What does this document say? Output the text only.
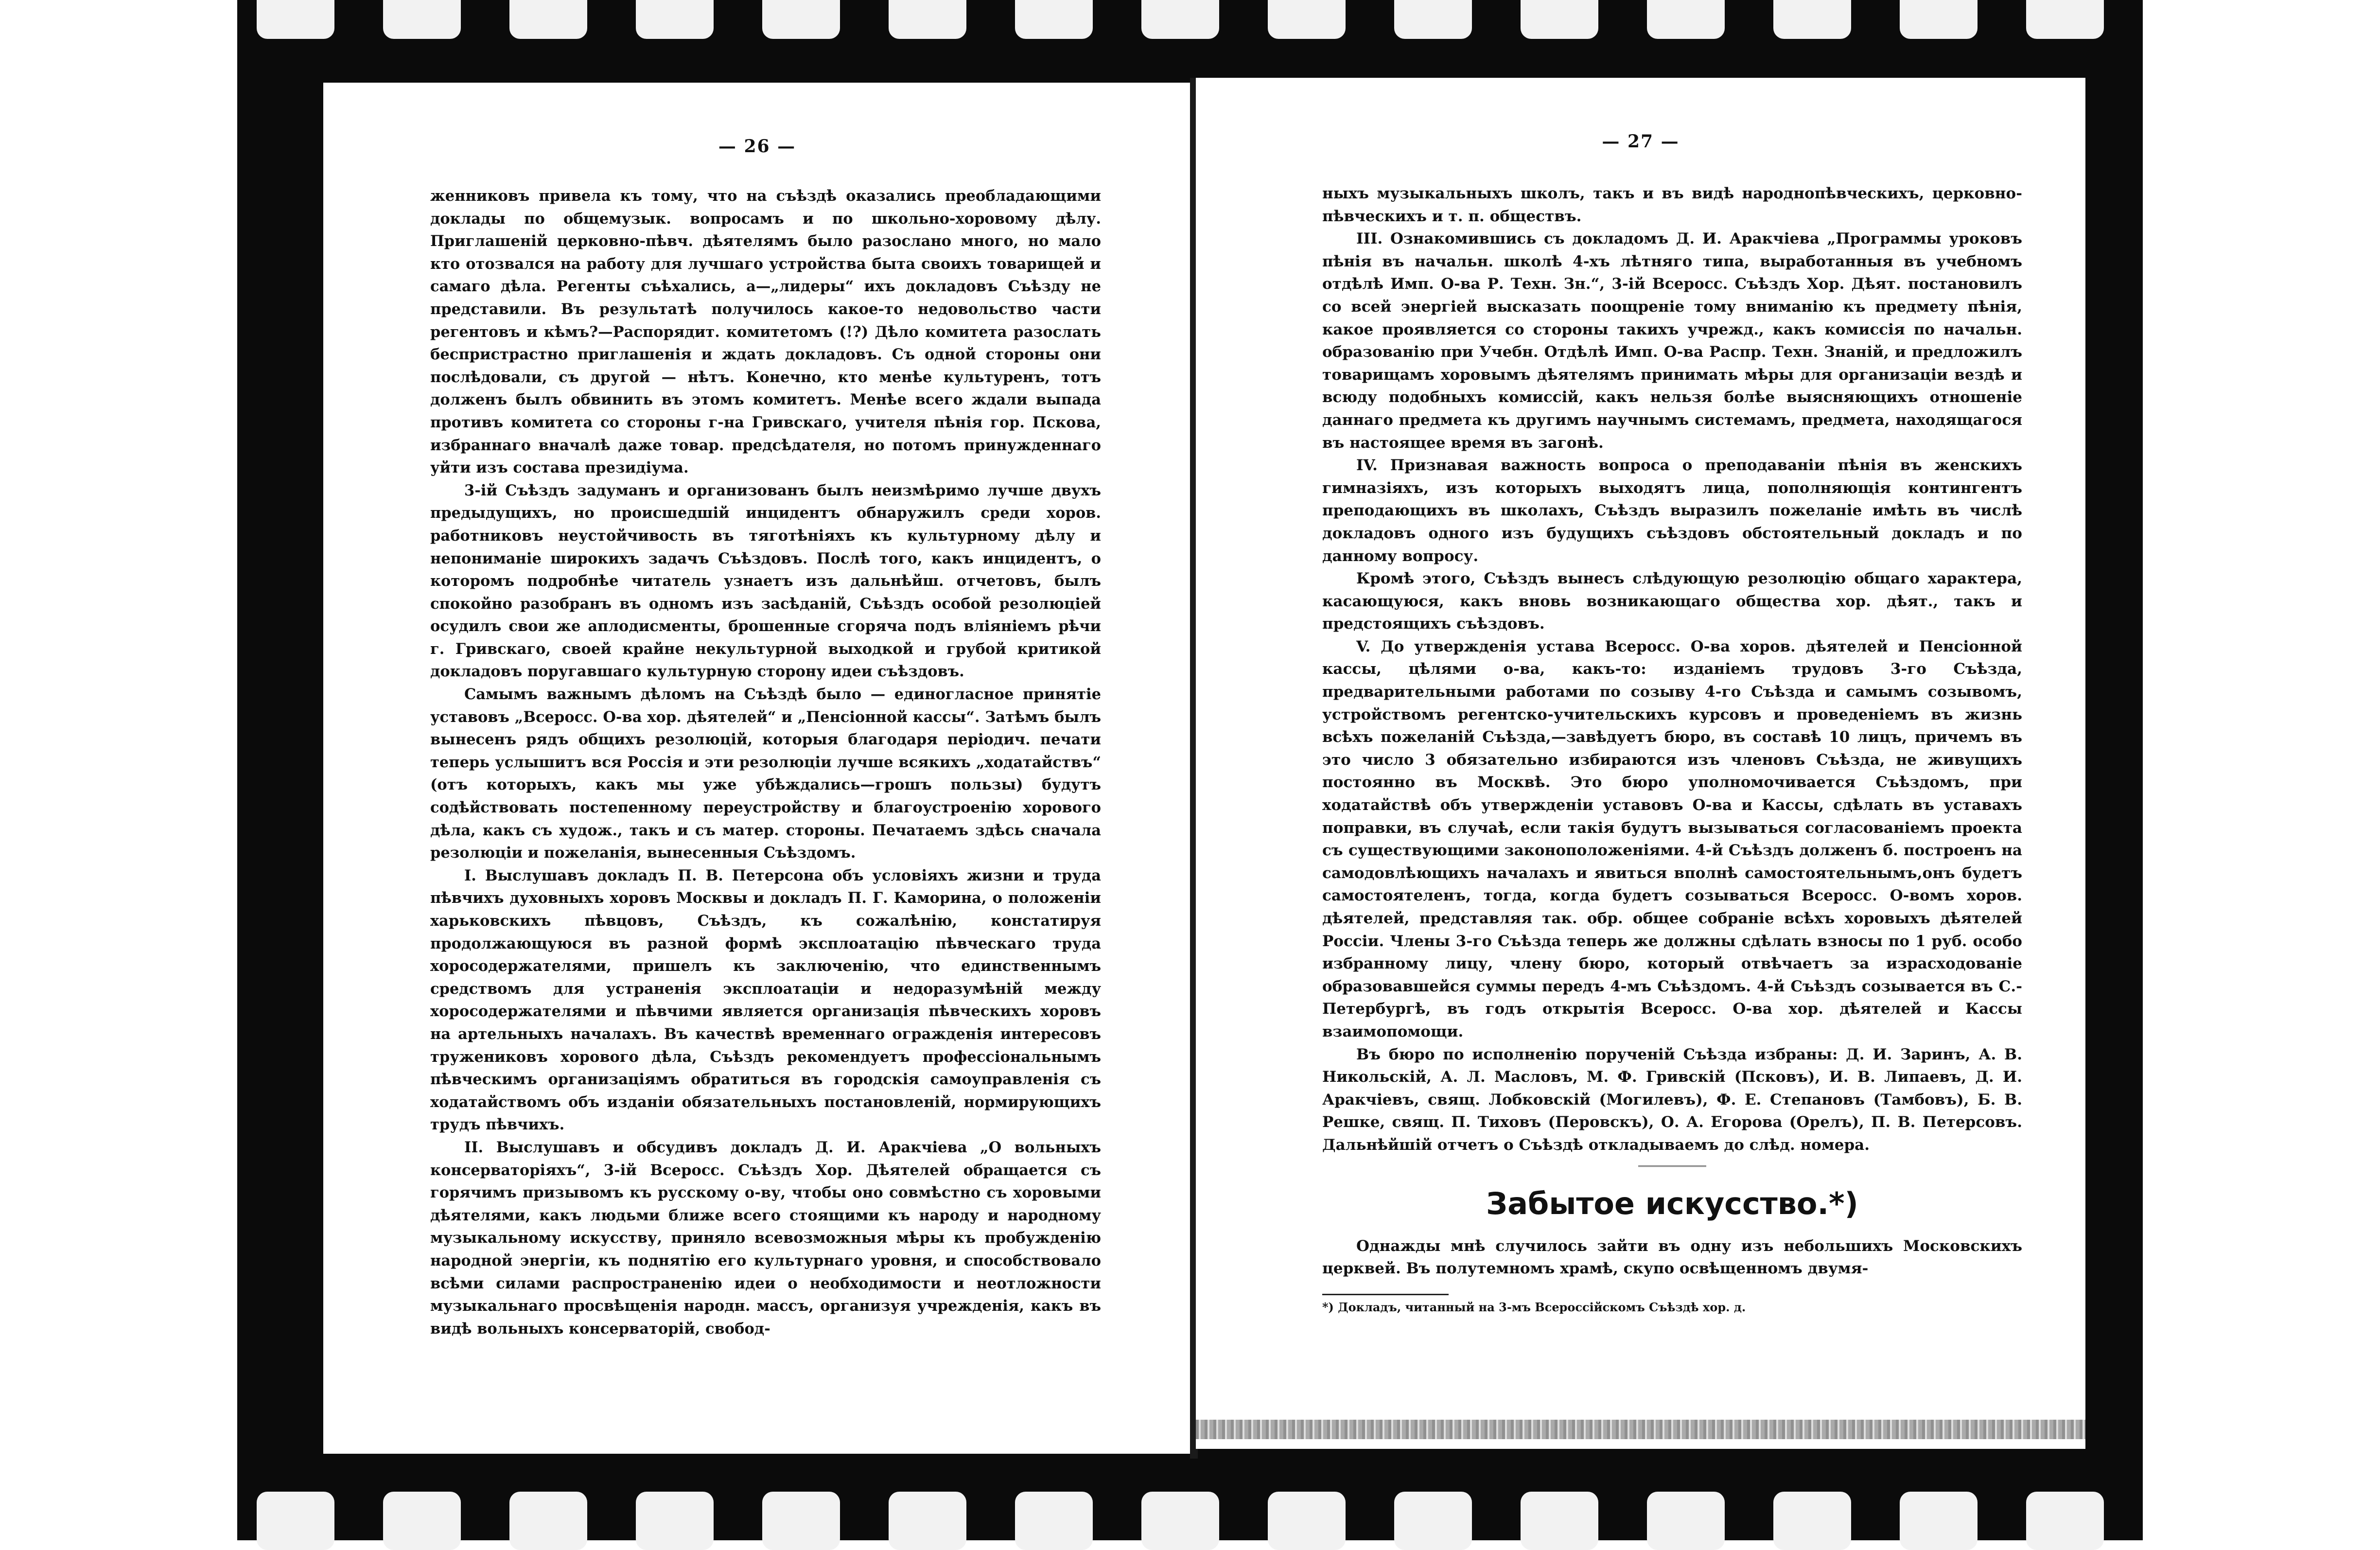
— 26 —

женниковъ привела къ тому, что на съѣздѣ оказались преобладающими доклады по общемузык. вопросамъ и по школьно-хоровому дѣлу. Приглашеній церковно-пѣвч. дѣятелямъ было разослано много, но мало кто отозвался на работу для лучшаго устройства быта своихъ товарищей и самаго дѣла. Регенты съѣхались, а—„лидеры“ ихъ докладовъ Съѣзду не представили. Въ результатѣ получилось какое-то недовольство части регентовъ и кѣмъ?—Распорядит. комитетомъ (!?) Дѣло комитета разослать беспристрастно приглашенія и ждать докладовъ. Съ одной стороны они послѣдовали, съ другой — нѣтъ. Конечно, кто менѣе культуренъ, тотъ долженъ былъ обвинить въ этомъ комитетъ. Менѣе всего ждали выпада противъ комитета со стороны г-на Гривскаго, учителя пѣнія гор. Пскова, избраннаго вначалѣ даже товар. предсѣдателя, но потомъ принужденнаго уйти изъ состава президіума.

3-ій Съѣздъ задуманъ и организованъ былъ неизмѣримо лучше двухъ предыдущихъ, но происшедшій инцидентъ обнаружилъ среди хоров. работниковъ неустойчивость въ тяготѣніяхъ къ культурному дѣлу и непониманіе широкихъ задачъ Съѣздовъ. Послѣ того, какъ инцидентъ, о которомъ подробнѣе читатель узнаетъ изъ дальнѣйш. отчетовъ, былъ спокойно разобранъ въ одномъ изъ засѣданій, Съѣздъ особой резолюціей осудилъ свои же аплодисменты, брошенные сгоряча подъ вліяніемъ рѣчи г. Гривскаго, своей крайне некультурной выходкой и грубой критикой докладовъ поругавшаго культурную сторону идеи съѣздовъ.

Самымъ важнымъ дѣломъ на Съѣздѣ было — единогласное принятіе уставовъ „Всеросс. О-ва хор. дѣятелей“ и „Пенсіонной кассы“. Затѣмъ былъ вынесенъ рядъ общихъ резолюцій, которыя благодаря періодич. печати теперь услышитъ вся Россія и эти резолюціи лучше всякихъ „ходатайствъ“ (отъ которыхъ, какъ мы уже убѣждались—грошъ пользы) будутъ содѣйствовать постепенному переустройству и благоустроенію хорового дѣла, какъ съ худож., такъ и съ матер. стороны. Печатаемъ здѣсь сначала резолюціи и пожеланія, вынесенныя Съѣздомъ.

I. Выслушавъ докладъ П. В. Петерсона объ условіяхъ жизни и труда пѣвчихъ духовныхъ хоровъ Москвы и докладъ П. Г. Каморина, о положеніи харьковскихъ пѣвцовъ, Съѣздъ, къ сожалѣнію, констатируя продолжающуюся въ разной формѣ эксплоатацію пѣвческаго труда хоросодержателями, пришелъ къ заключенію, что единственнымъ средствомъ для устраненія эксплоатаціи и недоразумѣній между хоросодержателями и пѣвчими является организація пѣвческихъ хоровъ на артельныхъ началахъ. Въ качествѣ временнаго огражденія интересовъ тружениковъ хорового дѣла, Съѣздъ рекомендуетъ профессіональнымъ пѣвческимъ организаціямъ обратиться въ городскія самоуправленія съ ходатайствомъ объ изданіи обязательныхъ постановленій, нормирующихъ трудъ пѣвчихъ.

II. Выслушавъ и обсудивъ докладъ Д. И. Аракчіева „О вольныхъ консерваторіяхъ“, 3-ій Всеросс. Съѣздъ Хор. Дѣятелей обращается съ горячимъ призывомъ къ русскому о-ву, чтобы оно совмѣстно съ хоровыми дѣятелями, какъ людьми ближе всего стоящими къ народу и народному музыкальному искусству, приняло всевозможныя мѣры къ пробужденію народной энергіи, къ поднятію его культурнаго уровня, и способствовало всѣми силами распространенію идеи о необходимости и неотложности музыкальнаго просвѣщенія народн. массъ, организуя учрежденія, какъ въ видѣ вольныхъ консерваторій, свобод-

— 27 —

ныхъ музыкальныхъ школъ, такъ и въ видѣ народнопѣвческихъ, церковно-пѣвческихъ и т. п. обществъ.

III. Ознакомившись съ докладомъ Д. И. Аракчіева „Программы уроковъ пѣнія въ начальн. школѣ 4-хъ лѣтняго типа, выработанныя въ учебномъ отдѣлѣ Имп. О-ва Р. Техн. Зн.“, 3-ій Всеросс. Съѣздъ Хор. Дѣят. постановилъ со всей энергіей высказать поощреніе тому вниманію къ предмету пѣнія, какое проявляется со стороны такихъ учрежд., какъ комиссія по начальн. образованію при Учебн. Отдѣлѣ Имп. О-ва Распр. Техн. Знаній, и предложилъ товарищамъ хоровымъ дѣятелямъ принимать мѣры для организаціи вездѣ и всюду подобныхъ комиссій, какъ нельзя болѣе выясняющихъ отношеніе даннаго предмета къ другимъ научнымъ системамъ, предмета, находящагося въ настоящее время въ загонѣ.

IV. Признавая важность вопроса о преподаваніи пѣнія въ женскихъ гимназіяхъ, изъ которыхъ выходятъ лица, пополняющія контингентъ преподающихъ въ школахъ, Съѣздъ выразилъ пожеланіе имѣть въ числѣ докладовъ одного изъ будущихъ съѣздовъ обстоятельный докладъ и по данному вопросу.

Кромѣ этого, Съѣздъ вынесъ слѣдующую резолюцію общаго характера, касающуюся, какъ вновь возникающаго общества хор. дѣят., такъ и предстоящихъ съѣздовъ.

V. До утвержденія устава Всеросс. О-ва хоров. дѣятелей и Пенсіонной кассы, цѣлями о-ва, какъ-то: изданіемъ трудовъ 3-го Съѣзда, предварительными работами по созыву 4-го Съѣзда и самымъ созывомъ, устройствомъ регентско-учительскихъ курсовъ и проведеніемъ въ жизнь всѣхъ пожеланій Съѣзда,—завѣдуетъ бюро, въ составѣ 10 лицъ, причемъ въ это число 3 обязательно избираются изъ членовъ Съѣзда, не живущихъ постоянно въ Москвѣ. Это бюро уполномочивается Съѣздомъ, при ходатайствѣ объ утвержденіи уставовъ О-ва и Кассы, сдѣлать въ уставахъ поправки, въ случаѣ, если такія будутъ вызываться согласованіемъ проекта съ существующими законоположеніями. 4-й Съѣздъ долженъ б. построенъ на самодовлѣющихъ началахъ и явиться вполнѣ самостоятельнымъ,онъ будетъ самостоятеленъ, тогда, когда будетъ созываться Всеросс. О-вомъ хоров. дѣятелей, представляя так. обр. общее собраніе всѣхъ хоровыхъ дѣятелей Россіи. Члены 3-го Съѣзда теперь же должны сдѣлать взносы по 1 руб. особо избранному лицу, члену бюро, который отвѣчаетъ за израсходованіе образовавшейся суммы передъ 4-мъ Съѣздомъ. 4-й Съѣздъ созывается въ С.-Петербургѣ, въ годъ открытія Всеросс. О-ва хор. дѣятелей и Кассы взаимопомощи.

Въ бюро по исполненію порученій Съѣзда избраны: Д. И. Заринъ, А. В. Никольскій, А. Л. Масловъ, М. Ф. Гривскій (Псковъ), И. В. Липаевъ, Д. И. Аракчіевъ, свящ. Лобковскій (Могилевъ), Ф. Е. Степановъ (Тамбовъ), Б. В. Решке, свящ. П. Тиховъ (Перовскъ), О. А. Егорова (Орелъ), П. В. Петерсовъ. Дальнѣйшій отчетъ о Съѣздѣ откладываемъ до слѣд. номера.

Забытое искусство.*)

Однажды мнѣ случилось зайти въ одну изъ небольшихъ Московскихъ церквей. Въ полутемномъ храмѣ, скупо освѣщенномъ двумя-

*) Докладъ, читанный на 3-мъ Всероссійскомъ Съѣздѣ хор. д.
